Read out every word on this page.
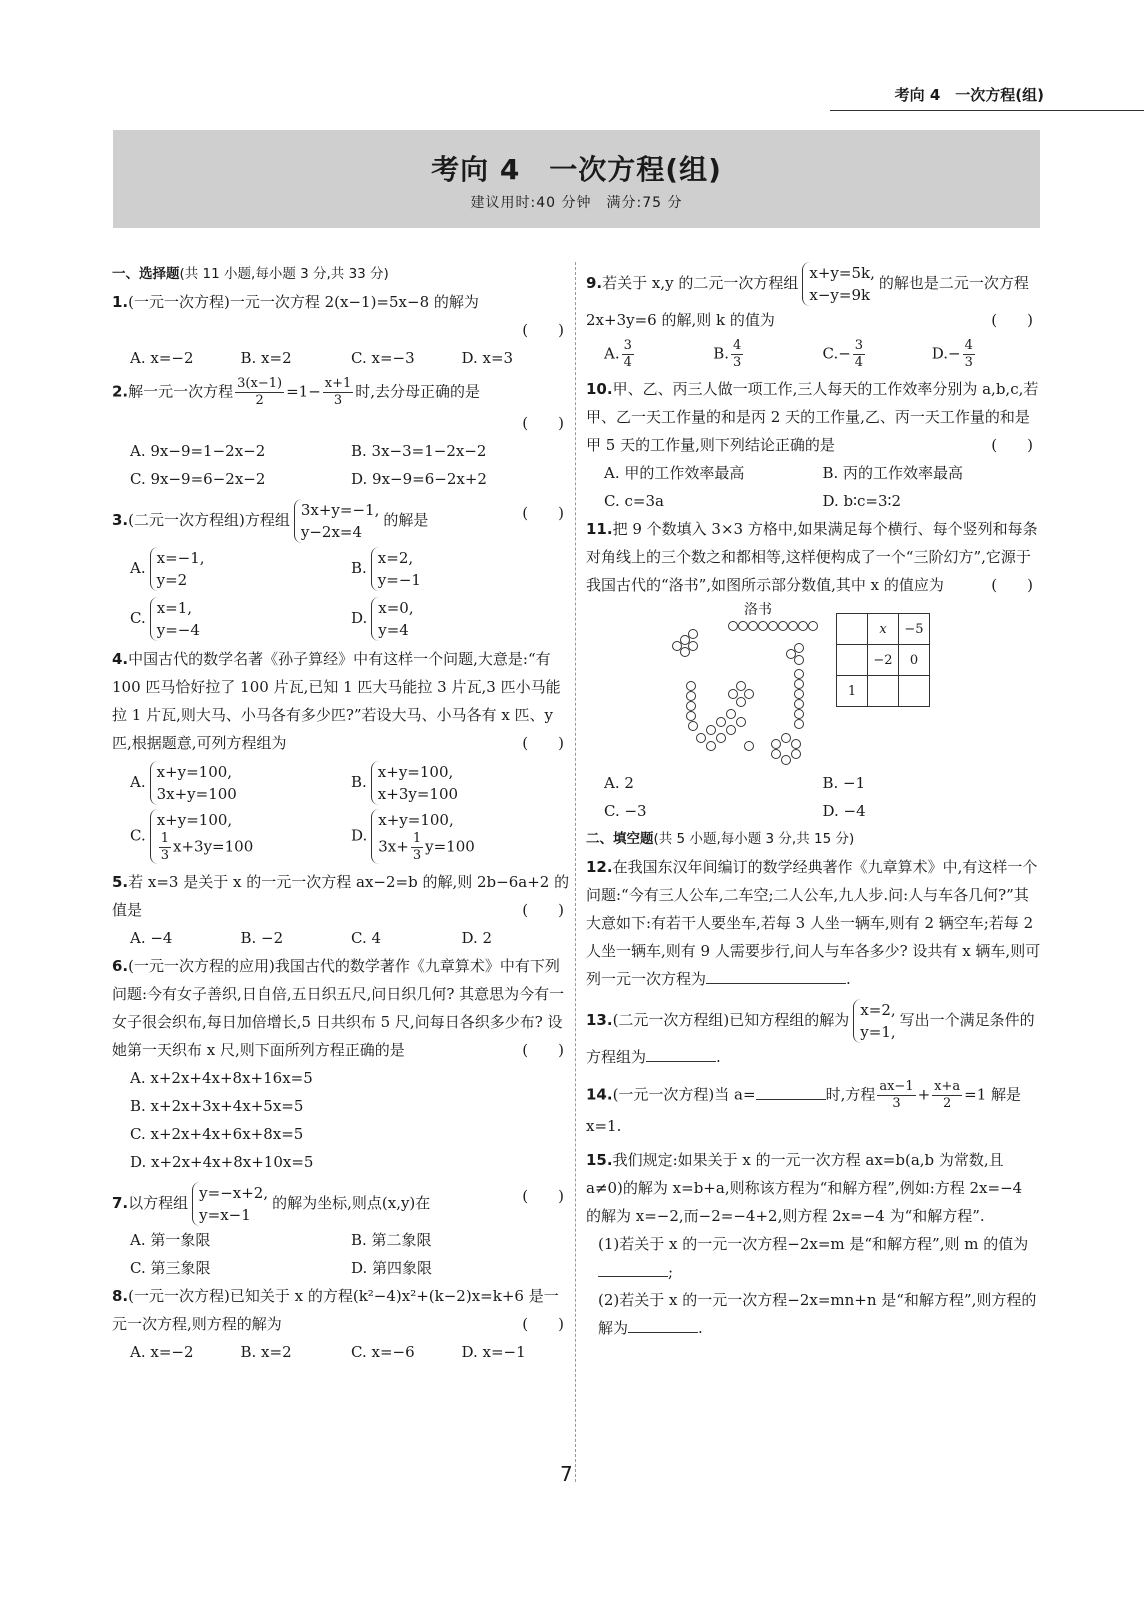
考向 4　一次方程(组)
考向 4　一次方程(组)
建议用时:40 分钟　满分:75 分
一、选择题(共 11 小题,每小题 3 分,共 33 分)
1.(一元一次方程)一元一次方程 2(x−1)=5x−8 的解为
(　　)
A. x=−2	B. x=2	C. x=−3	D. x=3
2.解一元一次方程 $\frac{3(x-1)}{2} =1- \frac{x+1}{3}$ 时,去分母正确的是
(　　)
A. 9x−9=1−2x−2	B. 3x−3=1−2x−2
C. 9x−9=6−2x−2	D. 9x−9=6−2x+2
3.(二元一次方程组)方程组3x+y=−1,
y−2x=4的解是	(　　)
A.x=−1,
y=2
B.x=2,
y=−1
C.x=1,
y=−4
D.x=0,
y=4
4.中国古代的数学名著《孙子算经》中有这样一个问题,大意是:“有 100 匹马恰好拉了 100 片瓦,已知 1 匹大马能拉 3 片瓦,3 匹小马能拉 1 片瓦,则大马、小马各有多少匹?”若设大马、小马各有 x 匹、y 匹,根据题意,可列方程组为	(　　)
A.x+y=100,
3x+y=100
B.x+y=100,
x+3y=100
C.x+y=100,

$\frac{1}{3} x+3y=100$
D.x+y=100,
$3x+ \frac{1}{3} y=100$
5.若 x=3 是关于 x 的一元一次方程 ax−2=b 的解,则 2b−6a+2 的值是	(　　)
A. −4	B. −2	C. 4	D. 2
6.(一元一次方程的应用)我国古代的数学著作《九章算术》中有下列问题:今有女子善织,日自倍,五日织五尺,问日织几何? 其意思为今有一女子很会织布,每日加倍增长,5 日共织布 5 尺,问每日各织多少布? 设她第一天织布 x 尺,则下面所列方程正确的是	(　　)
A. x+2x+4x+8x+16x=5
B. x+2x+3x+4x+5x=5
C. x+2x+4x+6x+8x=5
D. x+2x+4x+8x+10x=5
7.以方程组y=−x+2,
y=x−1的解为坐标,则点(x,y)在	(　　)
A. 第一象限	B. 第二象限
C. 第三象限	D. 第四象限
8.(一元一次方程)已知关于 x 的方程(k²−4)x²+(k−2)x=k+6 是一元一次方程,则方程的解为	(　　)
A. x=−2	B. x=2	C. x=−6	D. x=−1
9.若关于 x,y 的二元一次方程组x+y=5k,
x−y=9k的解也是二元一次方程 2x+3y=6 的解,则 k 的值为	(　　)
A. $\frac{3}{4}$	B. $\frac{4}{3}$	$C.- \frac{3}{4}$	$D.- \frac{4}{3}$
10.甲、乙、丙三人做一项工作,三人每天的工作效率分别为 a,b,c,若甲、乙一天工作量的和是丙 2 天的工作量,乙、丙一天工作量的和是甲 5 天的工作量,则下列结论正确的是	(　　)
A. 甲的工作效率最高	B. 丙的工作效率最高
C. c=3a	D. b∶c=3∶2
11.把 9 个数填入 3×3 方格中,如果满足每个横行、每个竖列和每条对角线上的三个数之和都相等,这样便构成了一个“三阶幻方”,它源于我国古代的“洛书”,如图所示部分数值,其中 x 的值应为	(　　)
洛书
	x	−5
	−2	0
1		
A. 2	B. −1
C. −3	D. −4
二、填空题(共 5 小题,每小题 3 分,共 15 分)
12.在我国东汉年间编订的数学经典著作《九章算术》中,有这样一个问题:“今有三人公车,二车空;二人公车,九人步.问:人与车各几何?”其大意如下:有若干人要坐车,若每 3 人坐一辆车,则有 2 辆空车;若每 2 人坐一辆车,则有 9 人需要步行,问人与车各多少? 设共有 x 辆车,则可列一元一次方程为	.
13.(二元一次方程组)已知方程组的解为x=2,
y=1,写出一个满足条件的方程组为	.
14.(一元一次方程)当 a=	时,方程 $\frac{ax-1}{3} + \frac{x+a}{2} =1$ 解是 x=1.
15.我们规定:如果关于 x 的一元一次方程 ax=b(a,b 为常数,且 a≠0)的解为 x=b+a,则称该方程为“和解方程”,例如:方程 2x=−4 的解为 x=−2,而−2=−4+2,则方程 2x=−4 为“和解方程”.
(1)若关于 x 的一元一次方程−2x=m 是“和解方程”,则 m 的值为;
(2)若关于 x 的一元一次方程−2x=mn+n 是“和解方程”,则方程的解为	.
7
